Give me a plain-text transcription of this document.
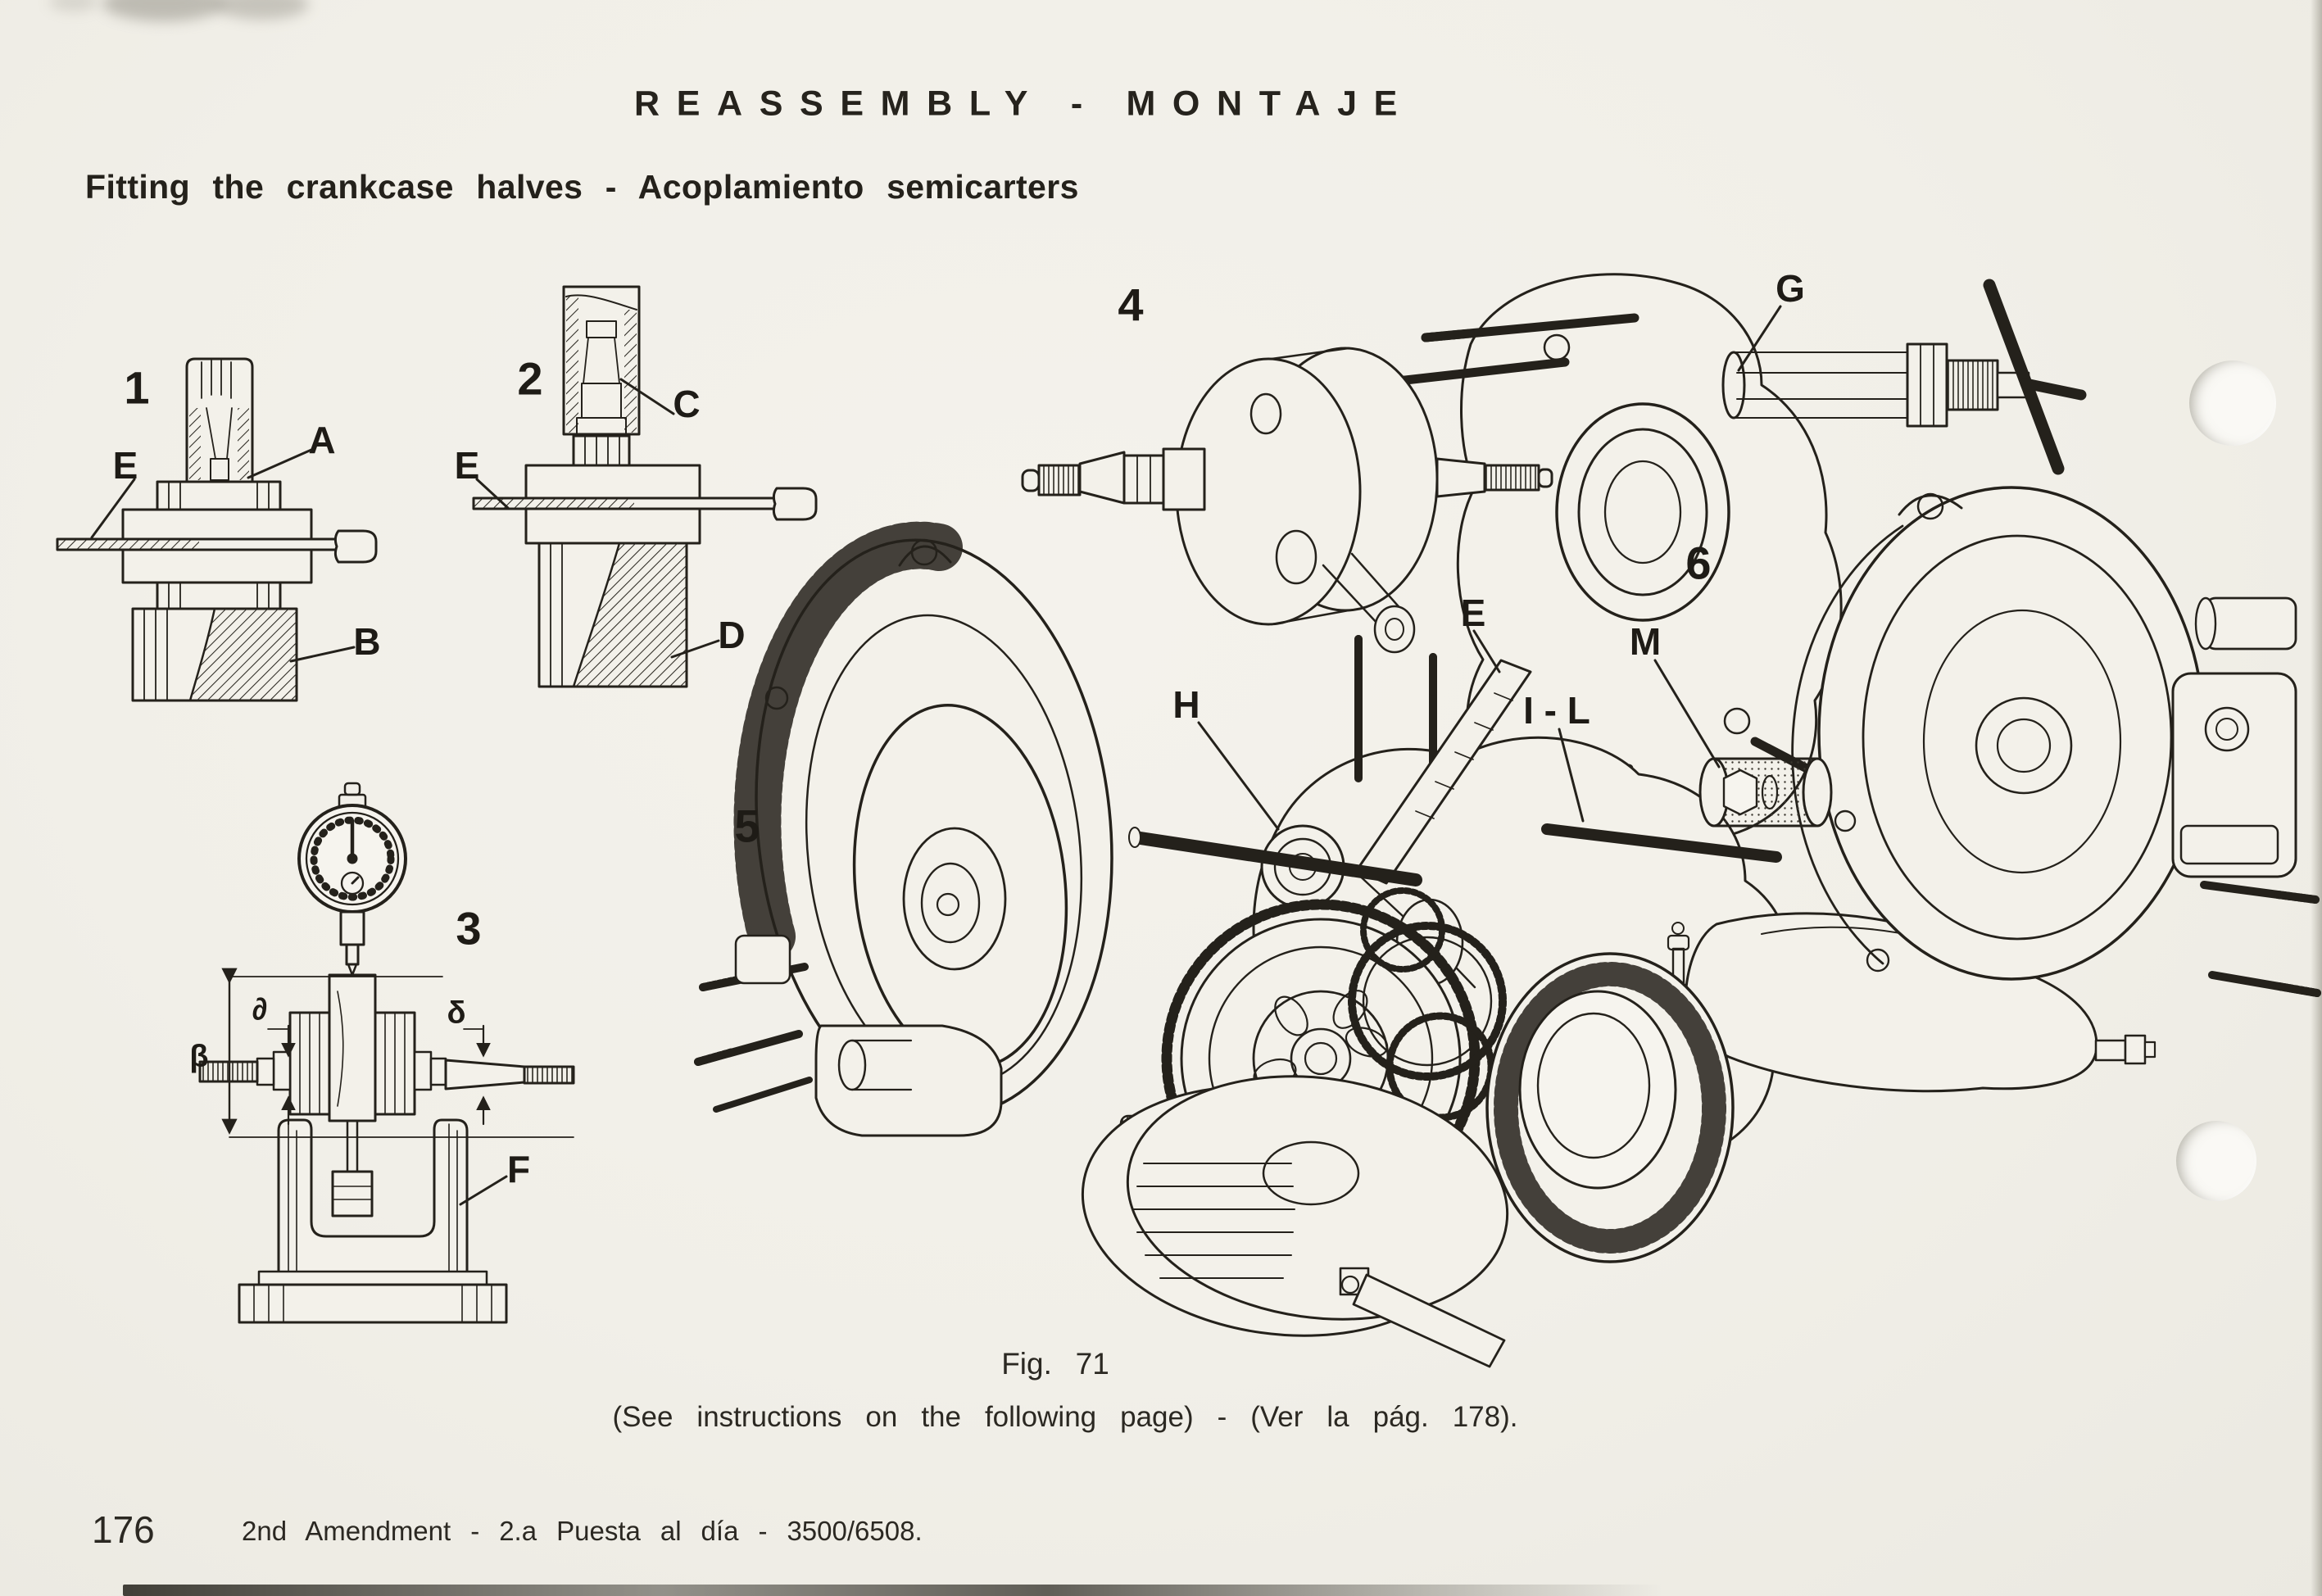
REASSEMBLY - MONTAJE
Fitting the crankcase halves - Acoplamiento semicarters
1	2
3
4
5
6
A
B
C
D
E	E
E
F
G
H	I - L
M
β
∂	δ
Fig. 71
(See instructions on the following page) - (Ver la pág. 178).
176	2nd Amendment - 2.a Puesta al día - 3500/6508.
